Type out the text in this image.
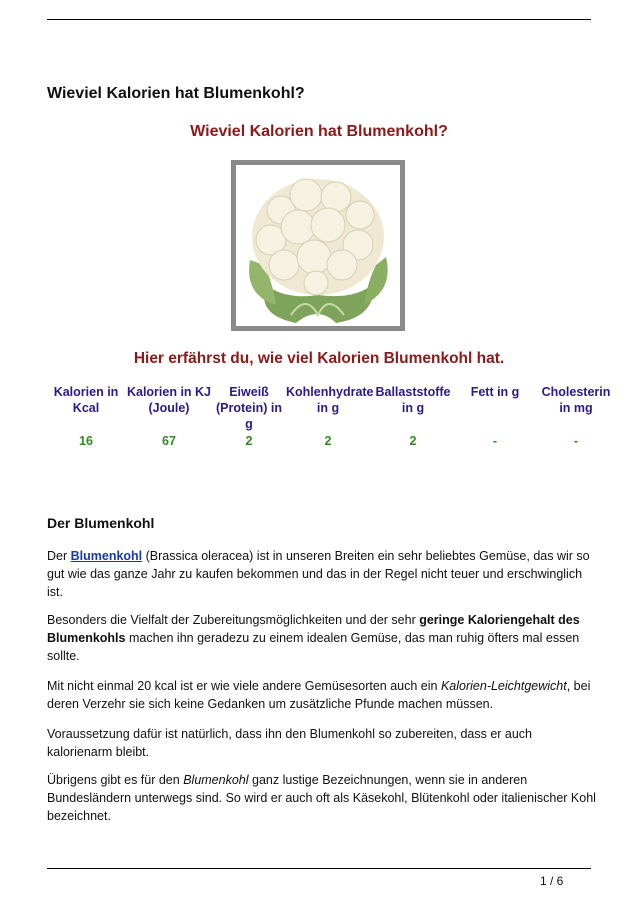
Wieviel Kalorien hat Blumenkohl?
Wieviel Kalorien hat Blumenkohl?
Hier erfährst du, wie viel Kalorien Blumenkohl hat.
Kalorien in Kcal	Kalorien in KJ (Joule)	Eiweiß (Protein) in g	Kohlenhydrate in g	Ballaststoffe in g	Fett in g	Cholesterin in mg
16	67	2	2	2	-	-
Der Blumenkohl
Der Blumenkohl (Brassica oleracea) ist in unseren Breiten ein sehr beliebtes Gemüse, das wir so gut wie das ganze Jahr zu kaufen bekommen und das in der Regel nicht teuer und erschwinglich ist.
Besonders die Vielfalt der Zubereitungsmöglichkeiten und der sehr geringe Kaloriengehalt des Blumenkohls machen ihn geradezu zu einem idealen Gemüse, das man ruhig öfters mal essen sollte.
Mit nicht einmal 20 kcal ist er wie viele andere Gemüsesorten auch ein Kalorien-Leichtgewicht, bei deren Verzehr sie sich keine Gedanken um zusätzliche Pfunde machen müssen.
Voraussetzung dafür ist natürlich, dass ihn den Blumenkohl so zubereiten, dass er auch kalorienarm bleibt.
Übrigens gibt es für den Blumenkohl ganz lustige Bezeichnungen, wenn sie in anderen Bundesländern unterwegs sind. So wird er auch oft als Käsekohl, Blütenkohl oder italienischer Kohl bezeichnet.
1 / 6
